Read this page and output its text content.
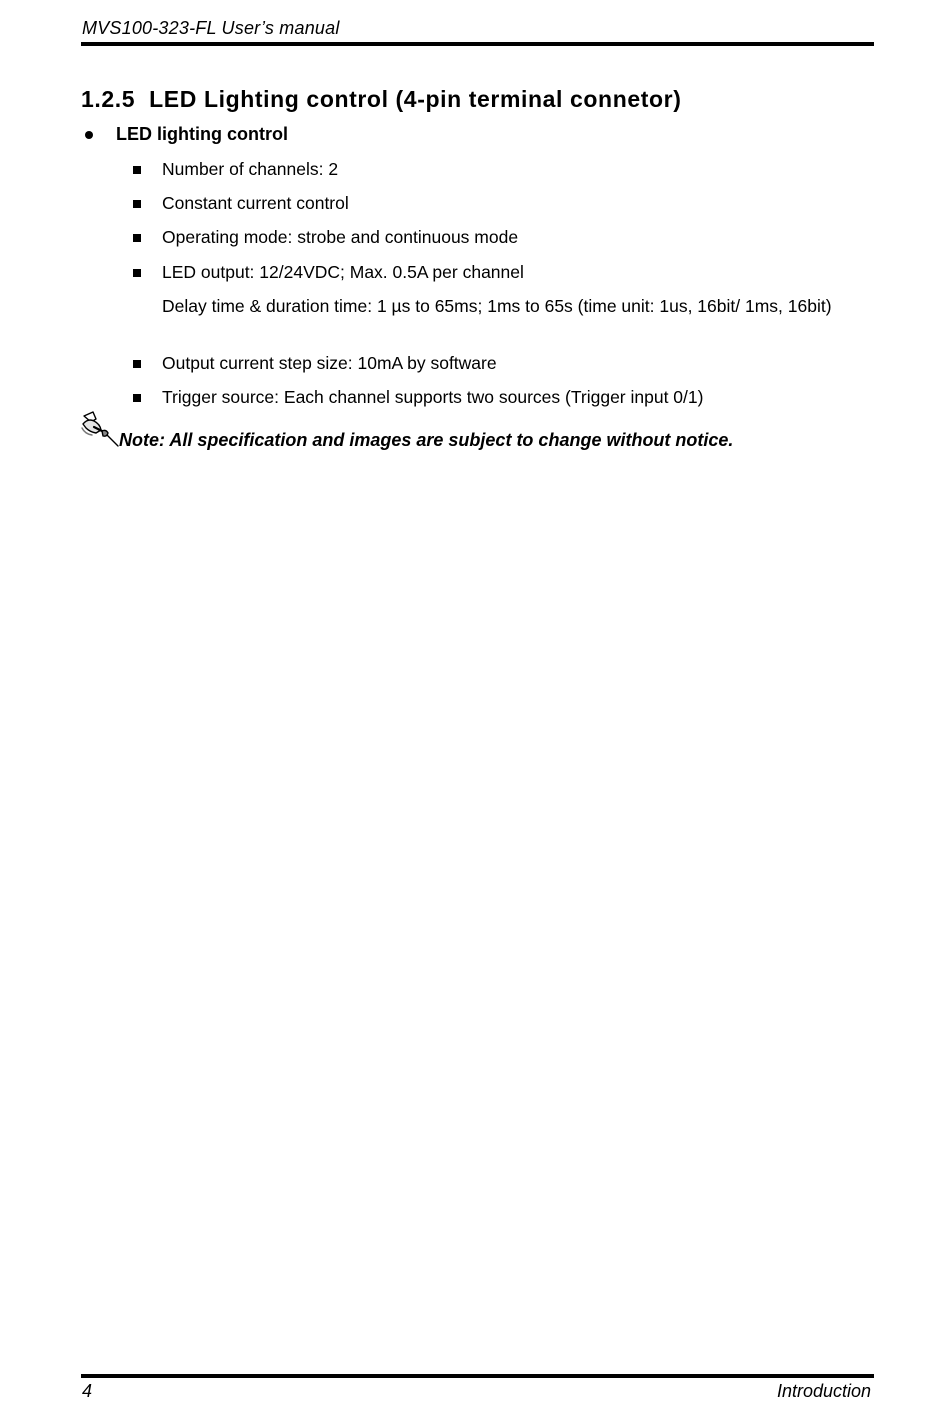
MVS100-323-FL User’s manual
1.2.5 LED Lighting control (4-pin terminal connetor)
LED lighting control
Number of channels: 2
Constant current control
Operating mode: strobe and continuous mode
LED output: 12/24VDC; Max. 0.5A per channel
Delay time & duration time: 1 µs to 65ms; 1ms to 65s (time unit: 1us, 16bit/ 1ms, 16bit)
Output current step size: 10mA by software
Trigger source: Each channel supports two sources (Trigger input 0/1)
Note: All specification and images are subject to change without notice.
4	Introduction
